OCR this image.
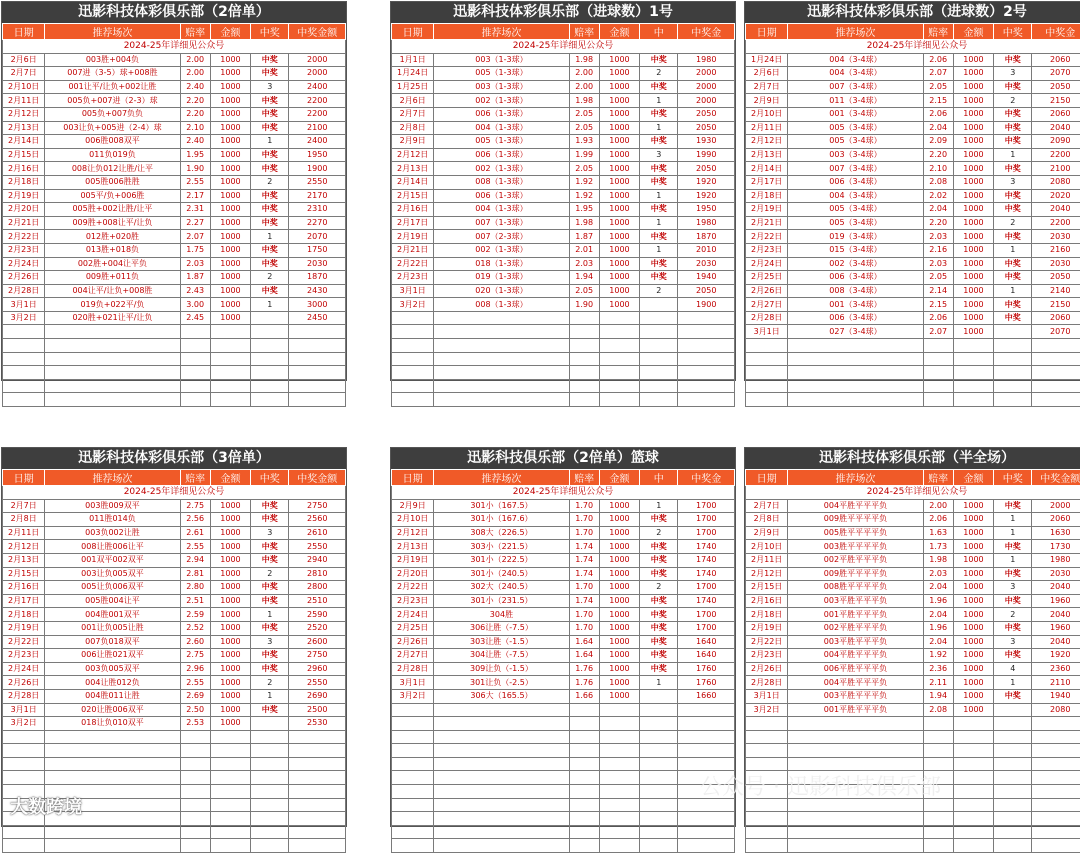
迅影科技体彩俱乐部（2倍单）
日期	推荐场次	赔率	金额	中奖	中奖金额
2024-25年详细见公众号					
2月6日	003胜+004负	2.00	1000	中奖	2000
2月7日	007进（3-5）球+008胜	2.00	1000	中奖	2000
2月10日	001让平/让负+002让胜	2.40	1000	3	2400
2月11日	005负+007进（2-3）球	2.20	1000	中奖	2200
2月12日	005负+007负负	2.20	1000	中奖	2200
2月13日	003让负+005进（2-4）球	2.10	1000	中奖	2100
2月14日	006胜008双平	2.40	1000	1	2400
2月15日	011负019负	1.95	1000	中奖	1950
2月16日	008让负012让胜/让平	1.90	1000	中奖	1900
2月18日	005胜006胜胜	2.55	1000	2	2550
2月19日	005平/负+006胜	2.17	1000	中奖	2170
2月20日	005胜+002让胜/让平	2.31	1000	中奖	2310
2月21日	009胜+008让平/让负	2.27	1000	中奖	2270
2月22日	012胜+020胜	2.07	1000	1	2070
2月23日	013胜+018负	1.75	1000	中奖	1750
2月24日	002胜+004让平负	2.03	1000	中奖	2030
2月26日	009胜+011负	1.87	1000	2	1870
2月28日	004让平/让负+008胜	2.43	1000	中奖	2430
3月1日	019负+022平/负	3.00	1000	1	3000
3月2日	020胜+021让平/让负	2.45	1000		2450

迅影科技体彩俱乐部（进球数）1号
日期	推荐场次	赔率	金额	中	中奖金
2024-25年详细见公众号					
1月1日	003（1-3球）	1.98	1000	中奖	1980
1月24日	005（1-3球）	2.00	1000	2	2000
1月25日	003（1-3球）	2.00	1000	中奖	2000
2月6日	002（1-3球）	1.98	1000	1	2000
2月7日	006（1-3球）	2.05	1000	中奖	2050
2月8日	004（1-3球）	2.05	1000	1	2050
2月9日	005（1-3球）	1.93	1000	中奖	1930
2月12日	006（1-3球）	1.99	1000	3	1990
2月13日	002（1-3球）	2.05	1000	中奖	2050
2月14日	008（1-3球）	1.92	1000	中奖	1920
2月15日	006（1-3球）	1.92	1000	1	1920
2月16日	004（1-3球）	1.95	1000	中奖	1950
2月17日	007（1-3球）	1.98	1000	1	1980
2月19日	007（2-3球）	1.87	1000	中奖	1870
2月21日	002（1-3球）	2.01	1000	1	2010
2月22日	018（1-3球）	2.03	1000	中奖	2030
2月23日	019（1-3球）	1.94	1000	中奖	1940
3月1日	020（1-3球）	2.05	1000	2	2050
3月2日	008（1-3球）	1.90	1000		1900

迅影科技体彩俱乐部（进球数）2号
日期	推荐场次	赔率	金额	中奖	中奖金
2024-25年详细见公众号					
1月24日	004（3-4球）	2.06	1000	中奖	2060
2月6日	004（3-4球）	2.07	1000	3	2070
2月7日	007（3-4球）	2.05	1000	中奖	2050
2月9日	011（3-4球）	2.15	1000	2	2150
2月10日	001（3-4球）	2.06	1000	中奖	2060
2月11日	005（3-4球）	2.04	1000	中奖	2040
2月12日	005（3-4球）	2.09	1000	中奖	2090
2月13日	003（3-4球）	2.20	1000	1	2200
2月14日	007（3-4球）	2.10	1000	中奖	2100
2月17日	006（3-4球）	2.08	1000	3	2080
2月18日	004（3-4球）	2.02	1000	中奖	2020
2月19日	005（3-4球）	2.04	1000	中奖	2040
2月21日	005（3-4球）	2.20	1000	2	2200
2月22日	019（3-4球）	2.03	1000	中奖	2030
2月23日	015（3-4球）	2.16	1000	1	2160
2月24日	002（3-4球）	2.03	1000	中奖	2030
2月25日	006（3-4球）	2.05	1000	中奖	2050
2月26日	008（3-4球）	2.14	1000	1	2140
2月27日	001（3-4球）	2.15	1000	中奖	2150
2月28日	006（3-4球）	2.06	1000	中奖	2060
3月1日	027（3-4球）	2.07	1000		2070

迅影科技体彩俱乐部（3倍单）
日期	推荐场次	赔率	金额	中奖	中奖金额
2024-25年详细见公众号					
2月7日	003胜009双平	2.75	1000	中奖	2750
2月8日	011胜014负	2.56	1000	中奖	2560
2月11日	003负002让胜	2.61	1000	3	2610
2月12日	008让胜006让平	2.55	1000	中奖	2550
2月13日	001双平002双平	2.94	1000	中奖	2940
2月15日	003让负005双平	2.81	1000	2	2810
2月16日	005让负006双平	2.80	1000	中奖	2800
2月17日	005胜004让平	2.51	1000	中奖	2510
2月18日	004胜001双平	2.59	1000	1	2590
2月19日	001让负005让胜	2.52	1000	中奖	2520
2月22日	007负018双平	2.60	1000	3	2600
2月23日	006让胜021双平	2.75	1000	中奖	2750
2月24日	003负005双平	2.96	1000	中奖	2960
2月26日	004让胜012负	2.55	1000	2	2550
2月28日	004胜011让胜	2.69	1000	1	2690
3月1日	020让胜006双平	2.50	1000	中奖	2500
3月2日	018让负010双平	2.53	1000		2530

迅影科技俱乐部（2倍单）篮球
日期	推荐场次	赔率	金额	中	中奖金
2024-25年详细见公众号					
2月9日	301小（167.5）	1.70	1000	1	1700
2月10日	301小（167.6）	1.70	1000	中奖	1700
2月12日	308大（226.5）	1.70	1000	2	1700
2月13日	303小（221.5）	1.74	1000	中奖	1740
2月19日	301小（222.5）	1.74	1000	中奖	1740
2月20日	301小（240.5）	1.74	1000	中奖	1740
2月22日	302大（240.5）	1.70	1000	2	1700
2月23日	301小（231.5）	1.74	1000	中奖	1740
2月24日	304胜	1.70	1000	中奖	1700
2月25日	306让胜（-7.5）	1.70	1000	中奖	1700
2月26日	303让胜（-1.5）	1.64	1000	中奖	1640
2月27日	304让胜（-7.5）	1.64	1000	中奖	1640
2月28日	309让负（-1.5）	1.76	1000	中奖	1760
3月1日	301让负（-2.5）	1.76	1000	1	1760
3月2日	306大（165.5）	1.66	1000		1660

迅影科技体彩俱乐部（半全场）
日期	推荐场次	赔率	金额	中奖	中奖金额
2024-25年详细见公众号					
2月7日	004平胜平平平负	2.00	1000	中奖	2000
2月8日	009胜平平平平负	2.06	1000	1	2060
2月9日	005胜平平平平负	1.63	1000	1	1630
2月10日	003胜平平平平负	1.73	1000	中奖	1730
2月11日	002平胜平平平负	1.98	1000	1	1980
2月12日	009胜平平平平负	2.03	1000	中奖	2030
2月15日	008胜平平平平负	2.04	1000	3	2040
2月16日	003平胜平平平负	1.96	1000	中奖	1960
2月18日	001平胜平平平负	2.04	1000	2	2040
2月19日	002平胜平平平负	1.96	1000	中奖	1960
2月22日	003平胜平平平负	2.04	1000	3	2040
2月23日	004平胜平平平负	1.92	1000	中奖	1920
2月26日	006平胜平平平负	2.36	1000	4	2360
2月28日	004平胜平平平负	2.11	1000	1	2110
3月1日	003平胜平平平负	1.94	1000	中奖	1940
3月2日	001平胜平平平负	2.08	1000		2080

公众号 · 迅影科技俱乐部
大数跨境
